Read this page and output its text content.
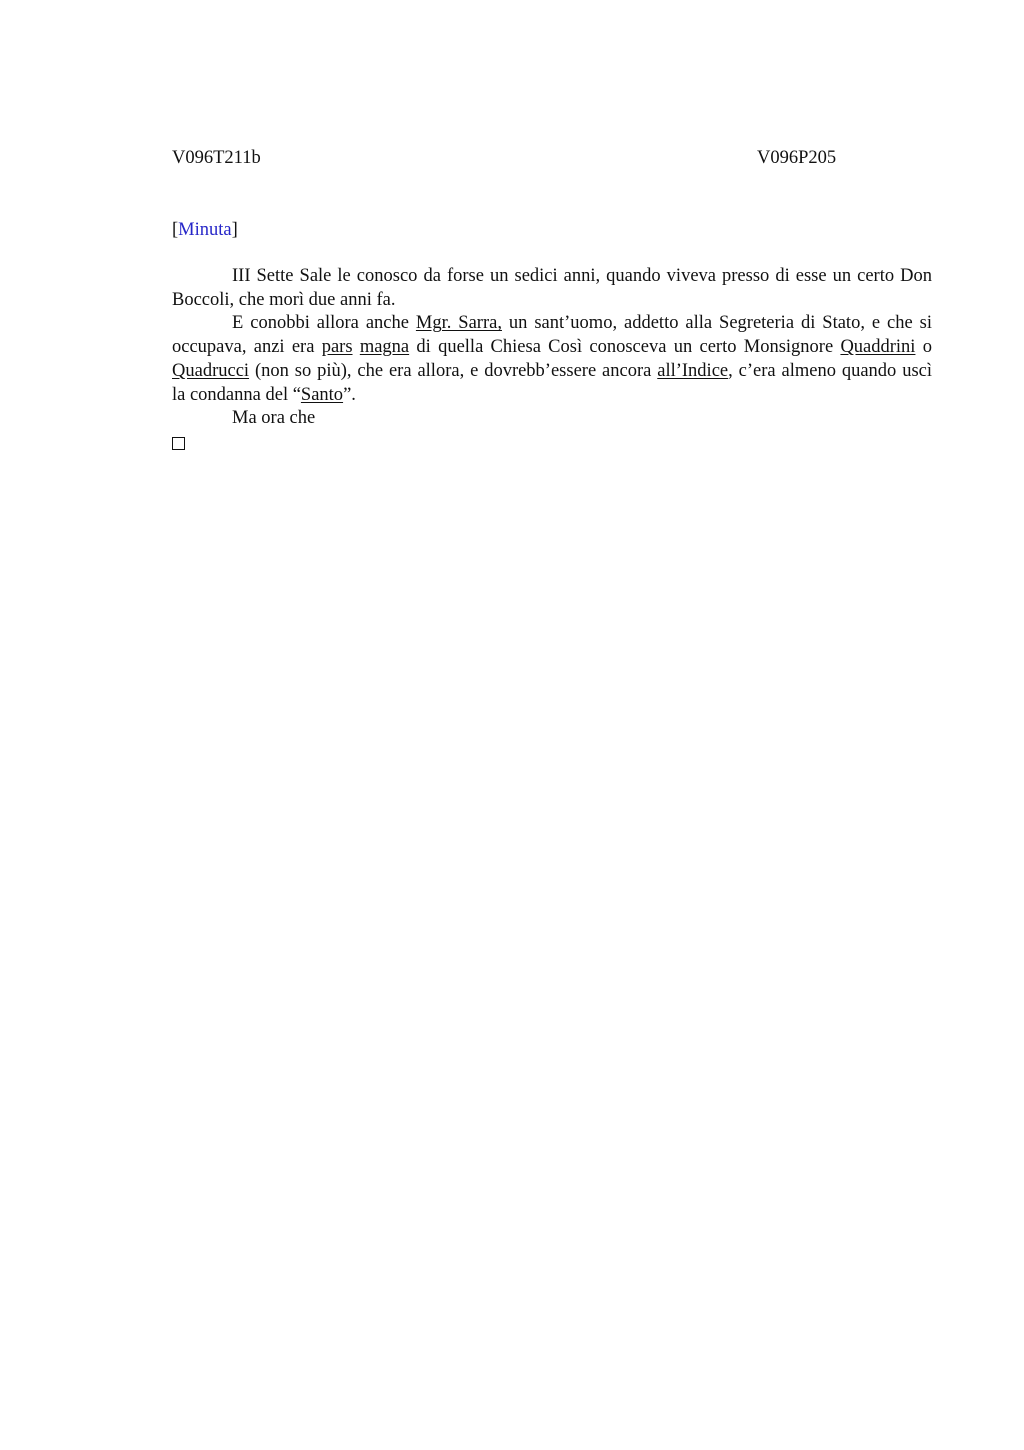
V096T211b	V096P205
[Minuta]

III Sette Sale le conosco da forse un sedici anni, quando viveva presso di esse un certo Don Boccoli, che morì due anni fa.

E conobbi allora anche Mgr. Sarra, un sant’uomo, addetto alla Segreteria di Stato, e che si occupava, anzi era pars magna di quella Chiesa Così conosceva un certo Monsignore Quaddrini o Quadrucci (non so più), che era allora, e dovrebb’essere ancora all’Indice, c’era almeno quando uscì la condanna del “Santo”.

Ma ora che
